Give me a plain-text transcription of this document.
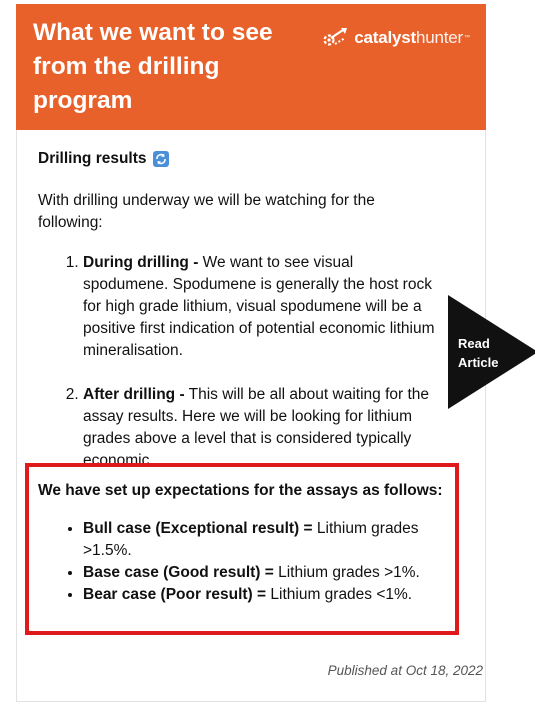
What we want to see from the drilling program
catalyst hunter ™

Drilling results

With drilling underway we will be watching for the following:

1. During drilling - We want to see visual spodumene. Spodumene is generally the host rock for high grade lithium, visual spodumene will be a positive first indication of potential economic lithium mineralisation.
2. After drilling - This will be all about waiting for the assay results. Here we will be looking for lithium grades above a level that is considered typically economic.

We have set up expectations for the assays as follows:

• Bull case (Exceptional result) = Lithium grades >1.5%.
• Base case (Good result) = Lithium grades >1%.
• Bear case (Poor result) = Lithium grades <1%.
Published at Oct 18, 2022
Read
Article
